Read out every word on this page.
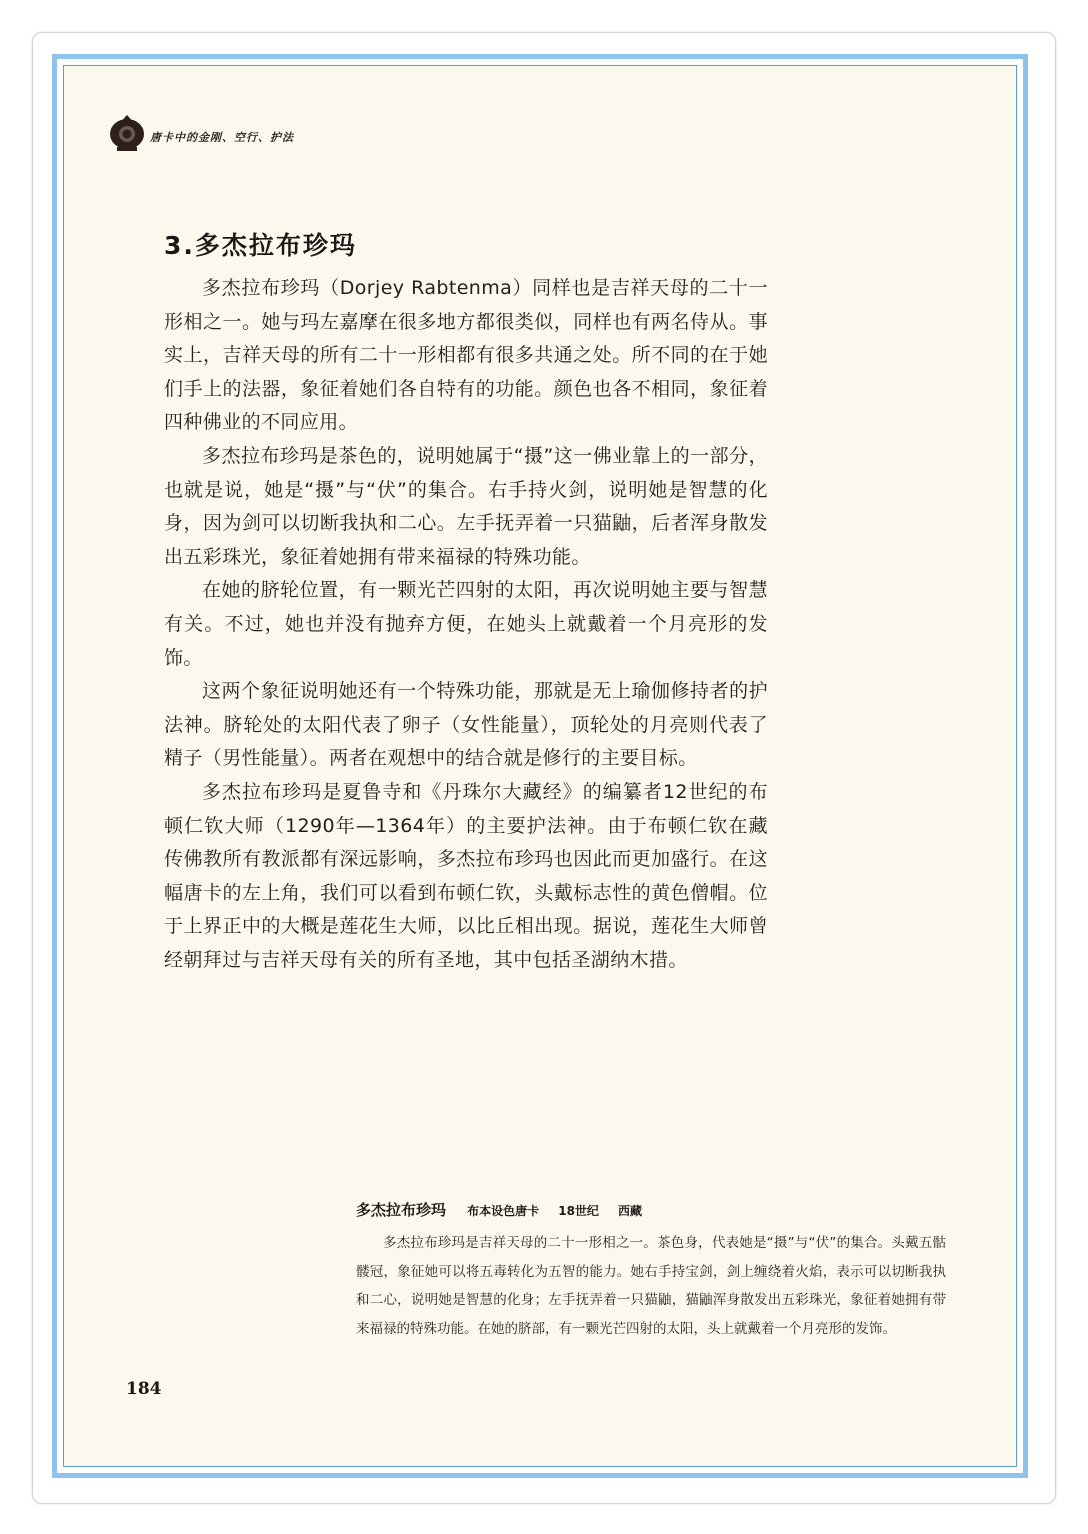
唐卡中的金刚、空行、护法
3.多杰拉布珍玛

多杰拉布珍玛（Dorjey Rabtenma）同样也是吉祥天母的二十一形相之一。她与玛左嘉摩在很多地方都很类似，同样也有两名侍从。事实上，吉祥天母的所有二十一形相都有很多共通之处。所不同的在于她们手上的法器，象征着她们各自特有的功能。颜色也各不相同，象征着四种佛业的不同应用。

多杰拉布珍玛是茶色的，说明她属于“摄”这一佛业靠上的一部分，也就是说，她是“摄”与“伏”的集合。右手持火剑，说明她是智慧的化身，因为剑可以切断我执和二心。左手抚弄着一只猫鼬，后者浑身散发出五彩珠光，象征着她拥有带来福禄的特殊功能。

在她的脐轮位置，有一颗光芒四射的太阳，再次说明她主要与智慧有关。不过，她也并没有抛弃方便，在她头上就戴着一个月亮形的发饰。

这两个象征说明她还有一个特殊功能，那就是无上瑜伽修持者的护法神。脐轮处的太阳代表了卵子（女性能量），顶轮处的月亮则代表了精子（男性能量）。两者在观想中的结合就是修行的主要目标。

多杰拉布珍玛是夏鲁寺和《丹珠尔大藏经》的编纂者12世纪的布顿仁钦大师（1290年—1364年）的主要护法神。由于布顿仁钦在藏传佛教所有教派都有深远影响，多杰拉布珍玛也因此而更加盛行。在这幅唐卡的左上角，我们可以看到布顿仁钦，头戴标志性的黄色僧帽。位于上界正中的大概是莲花生大师，以比丘相出现。据说，莲花生大师曾经朝拜过与吉祥天母有关的所有圣地，其中包括圣湖纳木措。

多杰拉布珍玛 布本设色唐卡 18世纪 西藏

多杰拉布珍玛是吉祥天母的二十一形相之一。茶色身，代表她是“摄”与“伏”的集合。头戴五骷髅冠，象征她可以将五毒转化为五智的能力。她右手持宝剑，剑上缠绕着火焰，表示可以切断我执和二心，说明她是智慧的化身；左手抚弄着一只猫鼬，猫鼬浑身散发出五彩珠光，象征着她拥有带来福禄的特殊功能。在她的脐部，有一颗光芒四射的太阳，头上就戴着一个月亮形的发饰。

184
